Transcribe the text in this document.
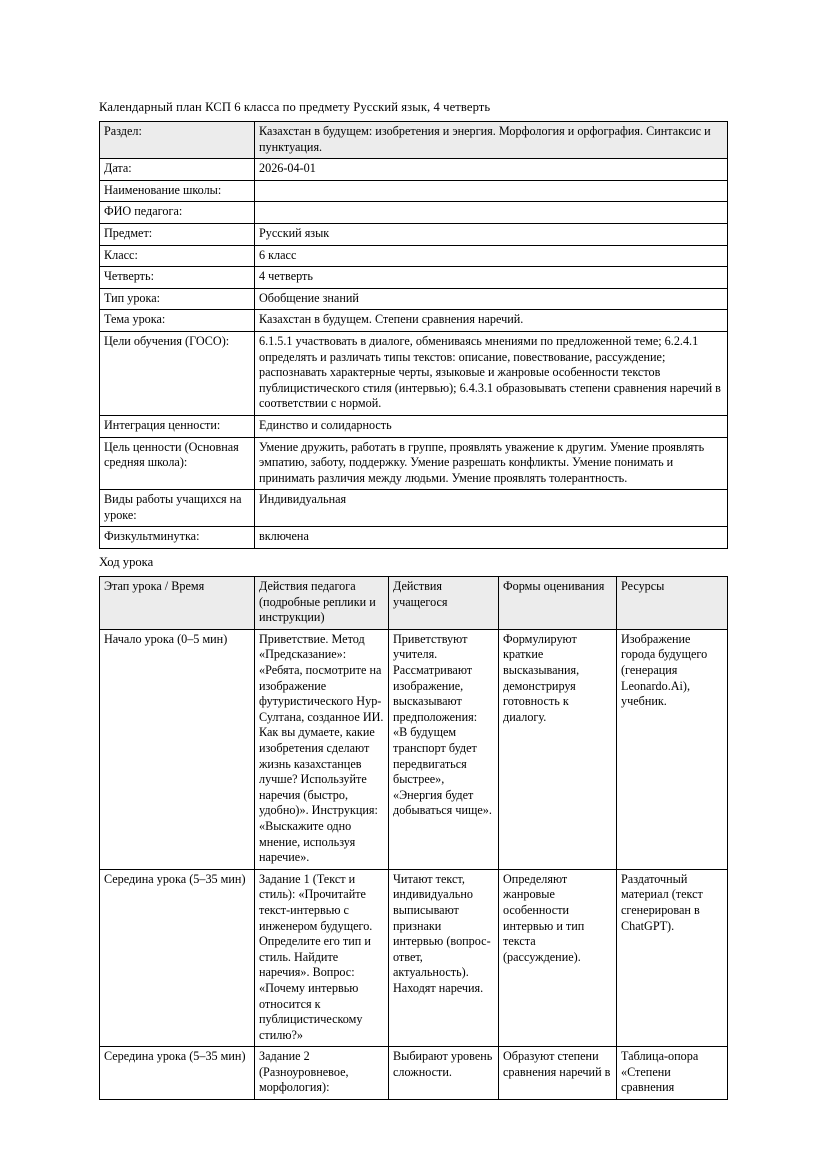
Календарный план КСП 6 класса по предмету Русский язык, 4 четверть
Раздел:	Казахстан в будущем: изобретения и энергия. Морфология и орфография. Синтаксис и пунктуация.
Дата:	2026-04-01
Наименование школы:	
ФИО педагога:	
Предмет:	Русский язык
Класс:	6 класс
Четверть:	4 четверть
Тип урока:	Обобщение знаний
Тема урока:	Казахстан в будущем. Степени сравнения наречий.
Цели обучения (ГОСО):	6.1.5.1 участвовать в диалоге, обмениваясь мнениями по предложенной теме; 6.2.4.1 определять и различать типы текстов: описание, повествование, рассуждение; распознавать характерные черты, языковые и жанровые особенности текстов публицистического стиля (интервью); 6.4.3.1 образовывать степени сравнения наречий в соответствии с нормой.
Интеграция ценности:	Единство и солидарность
Цель ценности (Основная средняя школа):	Умение дружить, работать в группе, проявлять уважение к другим. Умение проявлять эмпатию, заботу, поддержку. Умение разрешать конфликты. Умение понимать и принимать различия между людьми. Умение проявлять толерантность.
Виды работы учащихся на уроке:	Индивидуальная
Физкультминутка:	включена
Ход урока
Этап урока / Время	Действия педагога (подробные реплики и инструкции)	Действия учащегося	Формы оценивания	Ресурсы
Начало урока (0–5 мин)	Приветствие. Метод «Предсказание»: «Ребята, посмотрите на изображение футуристического Нур-Султана, созданное ИИ. Как вы думаете, какие изобретения сделают жизнь казахстанцев лучше? Используйте наречия (быстро, удобно)». Инструкция: «Выскажите одно мнение, используя наречие».	Приветствуют учителя. Рассматривают изображение, высказывают предположения: «В будущем транспорт будет передвигаться быстрее», «Энергия будет добываться чище».	Формулируют краткие высказывания, демонстрируя готовность к диалогу.	Изображение города будущего (генерация Leonardo.Ai), учебник.
Середина урока (5–35 мин)	Задание 1 (Текст и стиль): «Прочитайте текст-интервью с инженером будущего. Определите его тип и стиль. Найдите наречия». Вопрос: «Почему интервью относится к публицистическому стилю?»	Читают текст, индивидуально выписывают признаки интервью (вопрос-ответ, актуальность). Находят наречия.	Определяют жанровые особенности интервью и тип текста (рассуждение).	Раздаточный материал (текст сгенерирован в ChatGPT).
Середина урока (5–35 мин)	Задание 2 (Разноуровневое, морфология):	Выбирают уровень сложности.	Образуют степени сравнения наречий в	Таблица-опора «Степени сравнения
